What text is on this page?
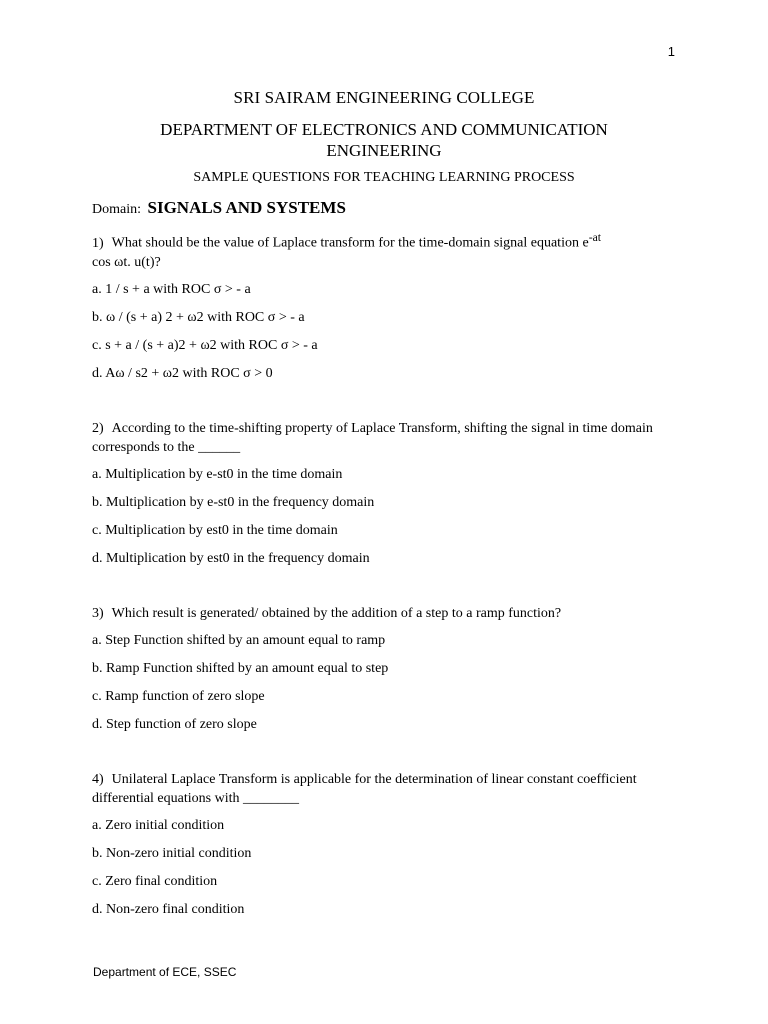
1
SRI SAIRAM ENGINEERING COLLEGE
DEPARTMENT OF ELECTRONICS AND COMMUNICATION
ENGINEERING
SAMPLE QUESTIONS FOR TEACHING LEARNING PROCESS
Domain: SIGNALS AND SYSTEMS
1) What should be the value of Laplace transform for the time-domain signal equation $e^{-at}$
cos ωt. u(t)?
a. 1 / s + a with ROC σ > - a
b. ω / (s + a) 2 + ω2 with ROC σ > - a
c. s + a / (s + a)2 + ω2 with ROC σ > - a
d. Aω / s2 + ω2 with ROC σ > 0
2) According to the time-shifting property of Laplace Transform, shifting the signal in time domain corresponds to the ______
a. Multiplication by e-st0 in the time domain
b. Multiplication by e-st0 in the frequency domain
c. Multiplication by est0 in the time domain
d. Multiplication by est0 in the frequency domain
3) Which result is generated/ obtained by the addition of a step to a ramp function?
a. Step Function shifted by an amount equal to ramp
b. Ramp Function shifted by an amount equal to step
c. Ramp function of zero slope
d. Step function of zero slope
4) Unilateral Laplace Transform is applicable for the determination of linear constant coefficient differential equations with ________
a. Zero initial condition
b. Non-zero initial condition
c. Zero final condition
d. Non-zero final condition
Department of ECE, SSEC
